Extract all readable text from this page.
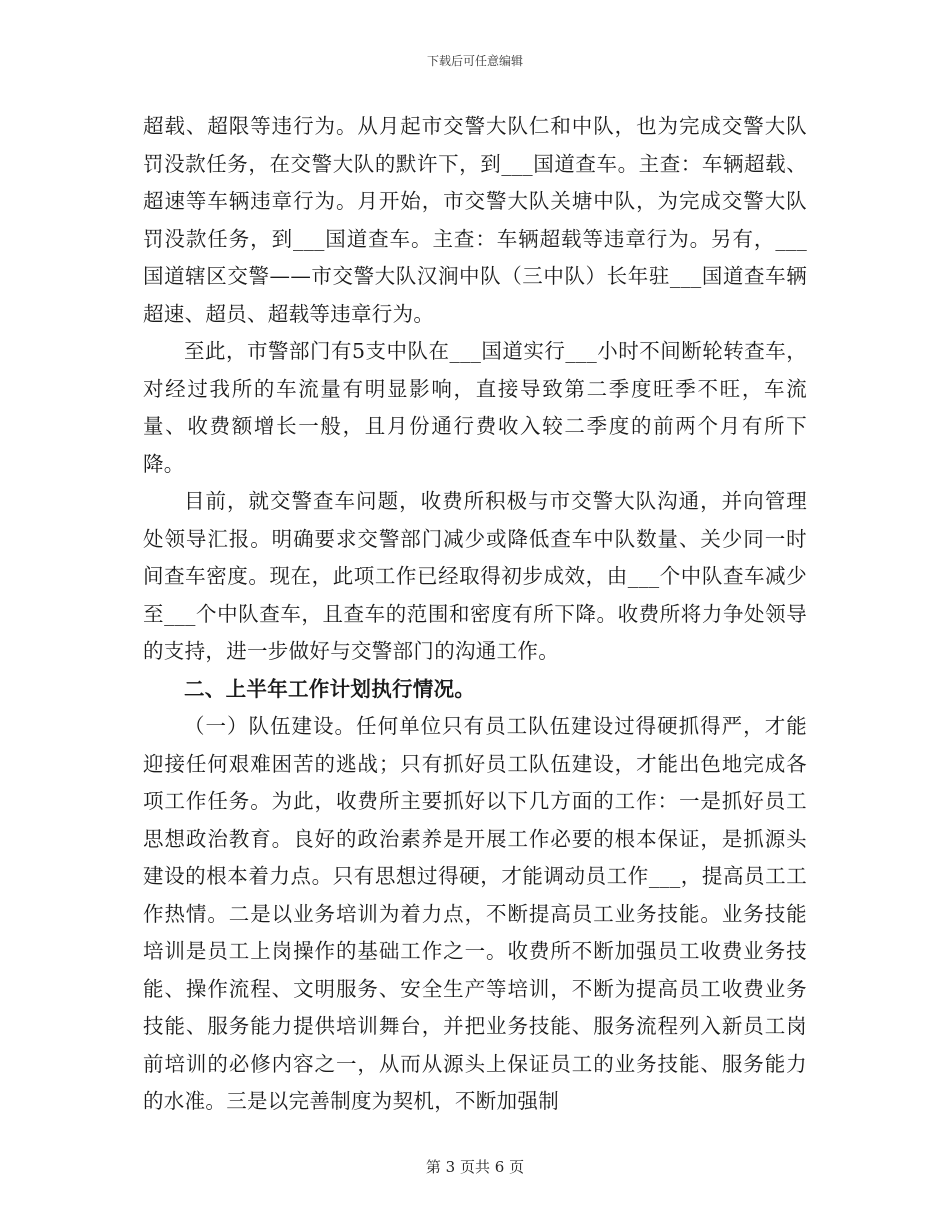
下载后可任意编辑

超载、超限等违行为。从月起市交警大队仁和中队，也为完成交警大队罚没款任务，在交警大队的默许下，到___国道查车。主查：车辆超载、超速等车辆违章行为。月开始，市交警大队关塘中队，为完成交警大队罚没款任务，到___国道查车。主查：车辆超载等违章行为。另有，___国道辖区交警——市交警大队汉涧中队（三中队）长年驻___国道查车辆超速、超员、超载等违章行为。

至此，市警部门有5支中队在___国道实行___小时不间断轮转查车，对经过我所的车流量有明显影响，直接导致第二季度旺季不旺，车流量、收费额增长一般，且月份通行费收入较二季度的前两个月有所下降。

目前，就交警查车问题，收费所积极与市交警大队沟通，并向管理处领导汇报。明确要求交警部门减少或降低查车中队数量、关少同一时间查车密度。现在，此项工作已经取得初步成效，由___个中队查车减少至___个中队查车，且查车的范围和密度有所下降。收费所将力争处领导的支持，进一步做好与交警部门的沟通工作。

二、上半年工作计划执行情况。

（一）队伍建设。任何单位只有员工队伍建设过得硬抓得严，才能迎接任何艰难困苦的逃战；只有抓好员工队伍建设，才能出色地完成各项工作任务。为此，收费所主要抓好以下几方面的工作：一是抓好员工思想政治教育。良好的政治素养是开展工作必要的根本保证，是抓源头建设的根本着力点。只有思想过得硬，才能调动员工作___，提高员工工作热情。二是以业务培训为着力点，不断提高员工业务技能。业务技能培训是员工上岗操作的基础工作之一。收费所不断加强员工收费业务技能、操作流程、文明服务、安全生产等培训，不断为提高员工收费业务技能、服务能力提供培训舞台，并把业务技能、服务流程列入新员工岗前培训的必修内容之一，从而从源头上保证员工的业务技能、服务能力的水准。三是以完善制度为契机，不断加强制

第 3 页共 6 页
